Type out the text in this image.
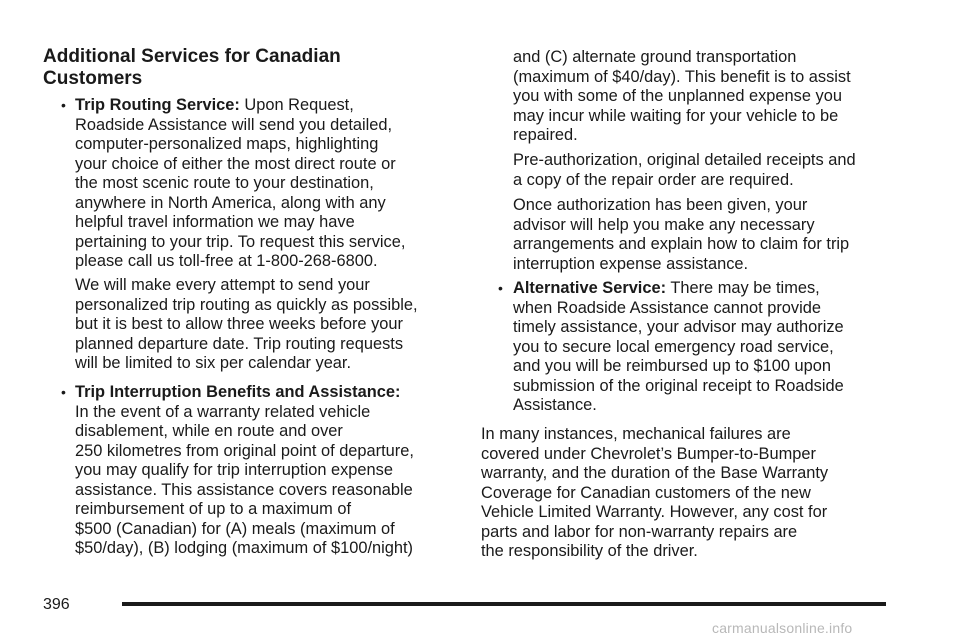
Additional Services for Canadian Customers
• Trip Routing Service: Upon Request,
Roadside Assistance will send you detailed,
computer-personalized maps, highlighting
your choice of either the most direct route or
the most scenic route to your destination,
anywhere in North America, along with any
helpful travel information we may have
pertaining to your trip. To request this service,
please call us toll-free at 1-800-268-6800.
We will make every attempt to send your
personalized trip routing as quickly as possible,
but it is best to allow three weeks before your
planned departure date. Trip routing requests
will be limited to six per calendar year.
• Trip Interruption Benefits and Assistance:
In the event of a warranty related vehicle
disablement, while en route and over
250 kilometres from original point of departure,
you may qualify for trip interruption expense
assistance. This assistance covers reasonable
reimbursement of up to a maximum of
$500 (Canadian) for (A) meals (maximum of
$50/day), (B) lodging (maximum of $100/night)
and (C) alternate ground transportation
(maximum of $40/day). This benefit is to assist
you with some of the unplanned expense you
may incur while waiting for your vehicle to be
repaired.
Pre-authorization, original detailed receipts and
a copy of the repair order are required.
Once authorization has been given, your
advisor will help you make any necessary
arrangements and explain how to claim for trip
interruption expense assistance.
• Alternative Service: There may be times,
when Roadside Assistance cannot provide
timely assistance, your advisor may authorize
you to secure local emergency road service,
and you will be reimbursed up to $100 upon
submission of the original receipt to Roadside
Assistance.
In many instances, mechanical failures are
covered under Chevrolet’s Bumper-to-Bumper
warranty, and the duration of the Base Warranty
Coverage for Canadian customers of the new
Vehicle Limited Warranty. However, any cost for
parts and labor for non-warranty repairs are
the responsibility of the driver.
396
carmanualsonline.info
